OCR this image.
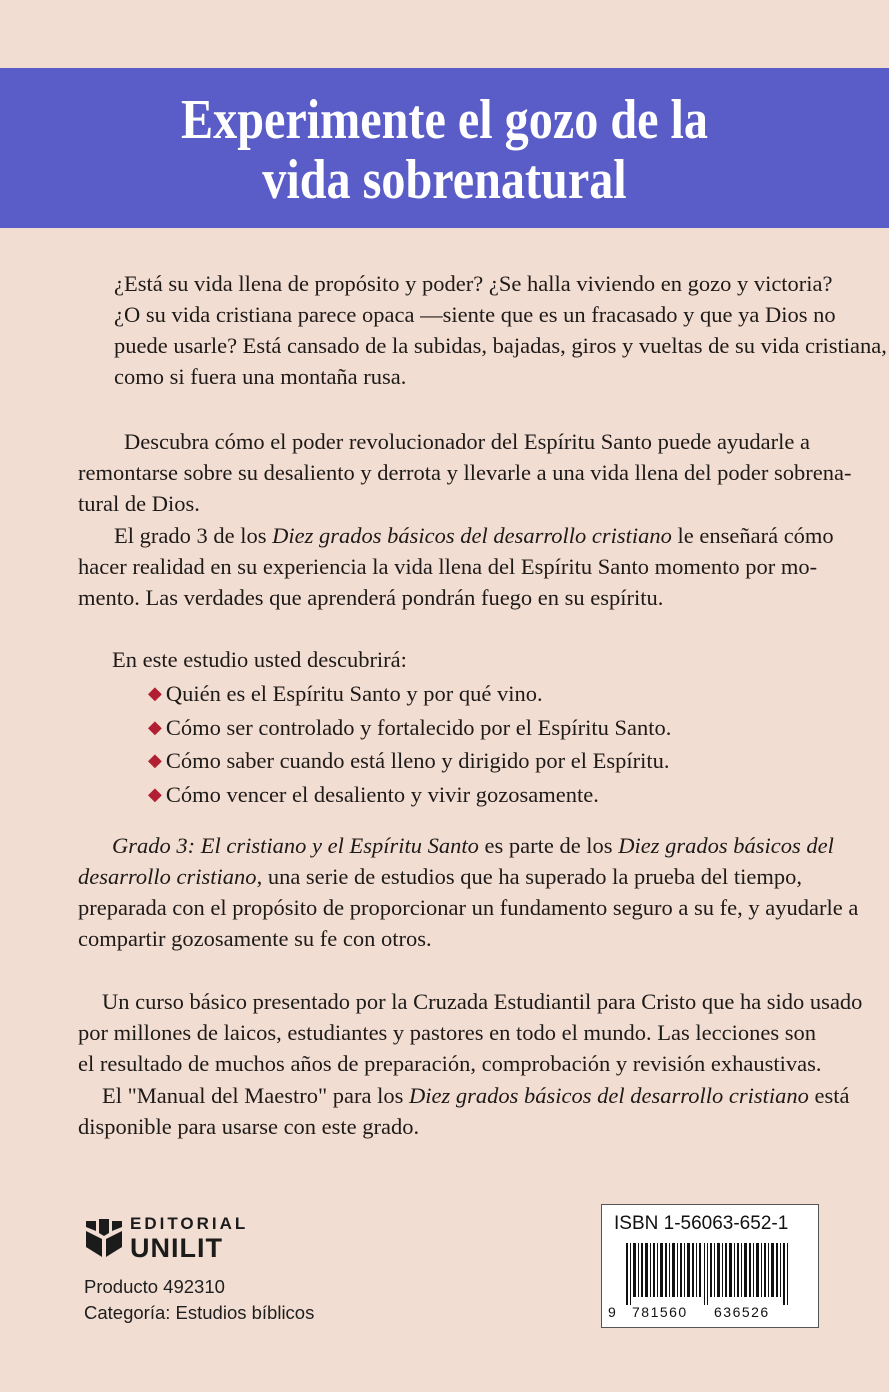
Experimente el gozo de la
vida sobrenatural
¿Está su vida llena de propósito y poder? ¿Se halla viviendo en gozo y victoria?
¿O su vida cristiana parece opaca —siente que es un fracasado y que ya Dios no
puede usarle? Está cansado de la subidas, bajadas, giros y vueltas de su vida cristiana,
como si fuera una montaña rusa.
Descubra cómo el poder revolucionador del Espíritu Santo puede ayudarle a
remontarse sobre su desaliento y derrota y llevarle a una vida llena del poder sobrena-
tural de Dios.
El grado 3 de los Diez grados básicos del desarrollo cristiano le enseñará cómo
hacer realidad en su experiencia la vida llena del Espíritu Santo momento por mo-
mento. Las verdades que aprenderá pondrán fuego en su espíritu.

En este estudio usted descubrirá:

◆ Quién es el Espíritu Santo y por qué vino.
◆ Cómo ser controlado y fortalecido por el Espíritu Santo.
◆ Cómo saber cuando está lleno y dirigido por el Espíritu.
◆ Cómo vencer el desaliento y vivir gozosamente.
Grado 3: El cristiano y el Espíritu Santo es parte de los Diez grados básicos del
desarrollo cristiano, una serie de estudios que ha superado la prueba del tiempo,
preparada con el propósito de proporcionar un fundamento seguro a su fe, y ayudarle a
compartir gozosamente su fe con otros.
Un curso básico presentado por la Cruzada Estudiantil para Cristo que ha sido usado
por millones de laicos, estudiantes y pastores en todo el mundo. Las lecciones son
el resultado de muchos años de preparación, comprobación y revisión exhaustivas.
El "Manual del Maestro" para los Diez grados básicos del desarrollo cristiano está
disponible para usarse con este grado.
EDITORIAL
UNILIT

Producto 492310

Categoría: Estudios bíblicos

ISBN 1-56063-652-1
9 781560 636526
